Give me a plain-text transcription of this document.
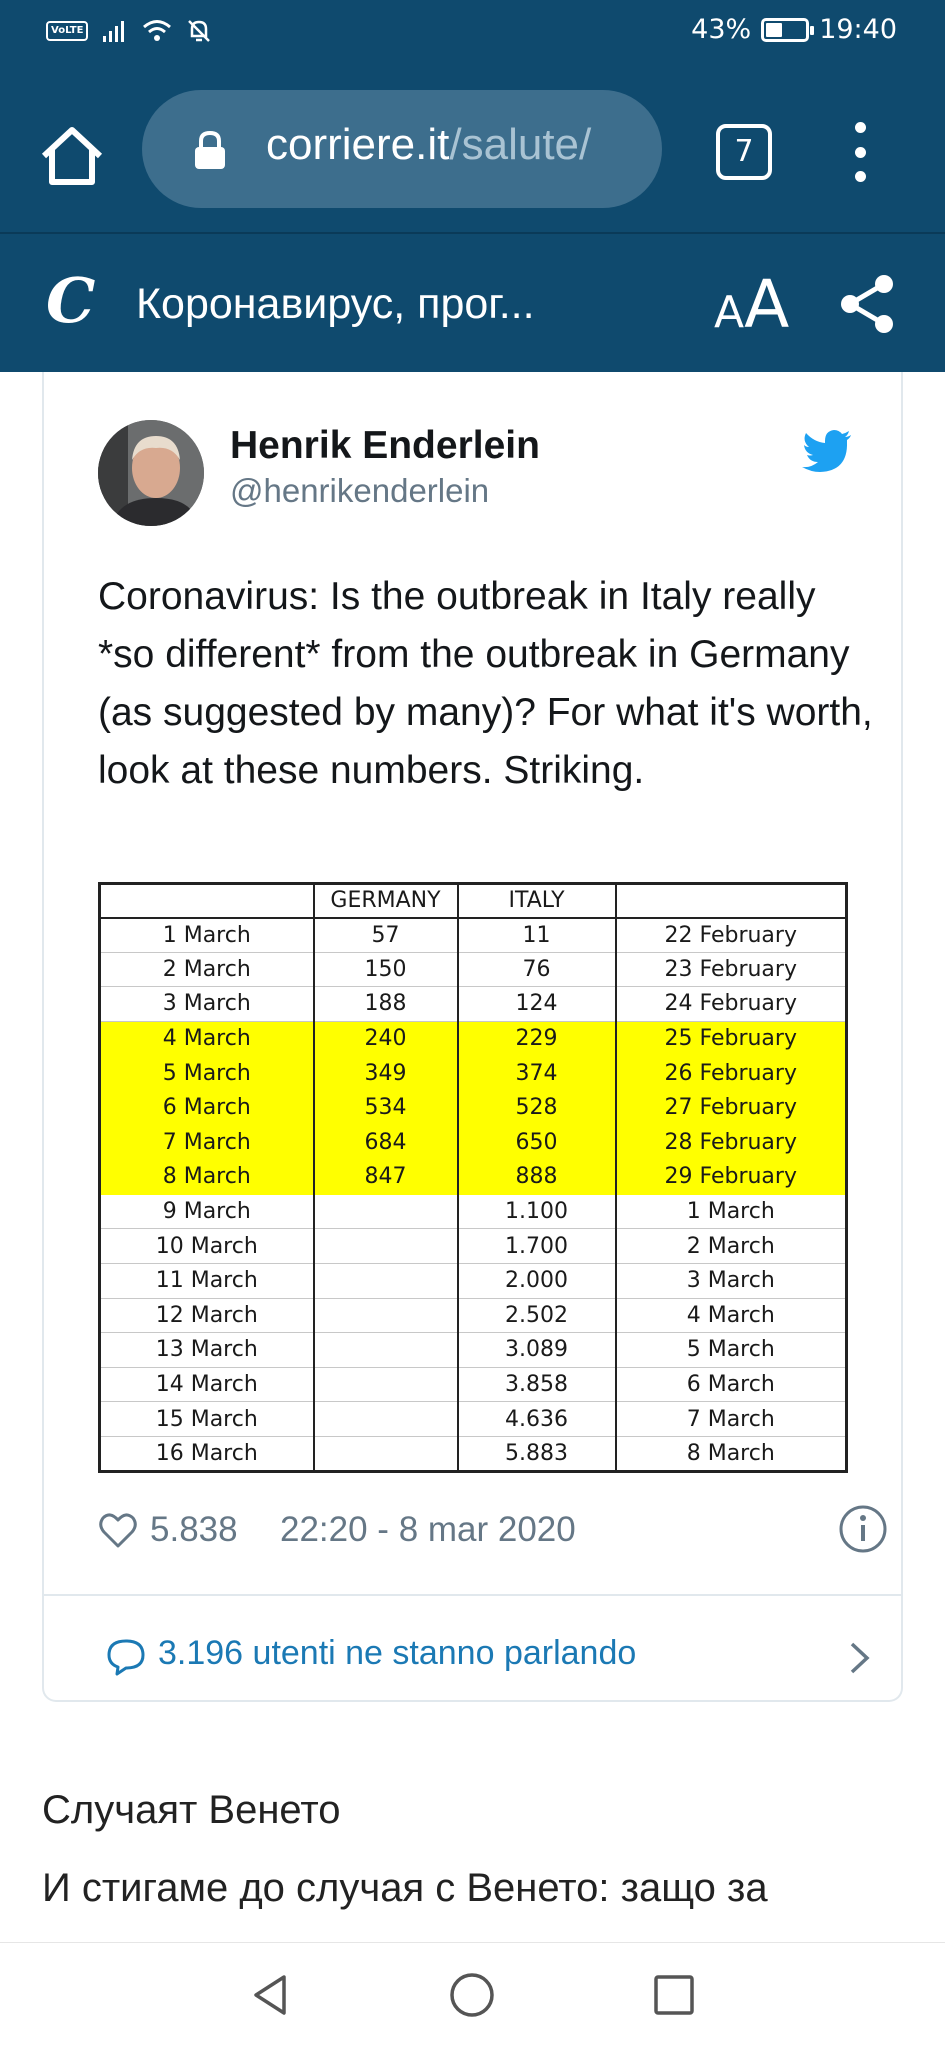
VoLTE	43%	19:40
corriere.it/salute/	7
C Коронавирус, прог...	AA
Henrik Enderlein
@henrikenderlein
Coronavirus: Is the outbreak in Italy really *so different* from the outbreak in Germany (as suggested by many)? For what it's worth, look at these numbers. Striking.
	GERMANY	ITALY	
1 March	57	11	22 February
2 March	150	76	23 February
3 March	188	124	24 February
4 March	240	229	25 February
5 March	349	374	26 February
6 March	534	528	27 February
7 March	684	650	28 February
8 March	847	888	29 February
9 March		1.100	1 March
10 March		1.700	2 March
11 March		2.000	3 March
12 March		2.502	4 March
13 March		3.089	5 March
14 March		3.858	6 March
15 March		4.636	7 March
16 March		5.883	8 March
5.838 22:20 - 8 mar 2020
3.196 utenti ne stanno parlando
Случаят Венето
И стигаме до случая с Венето: защо за
